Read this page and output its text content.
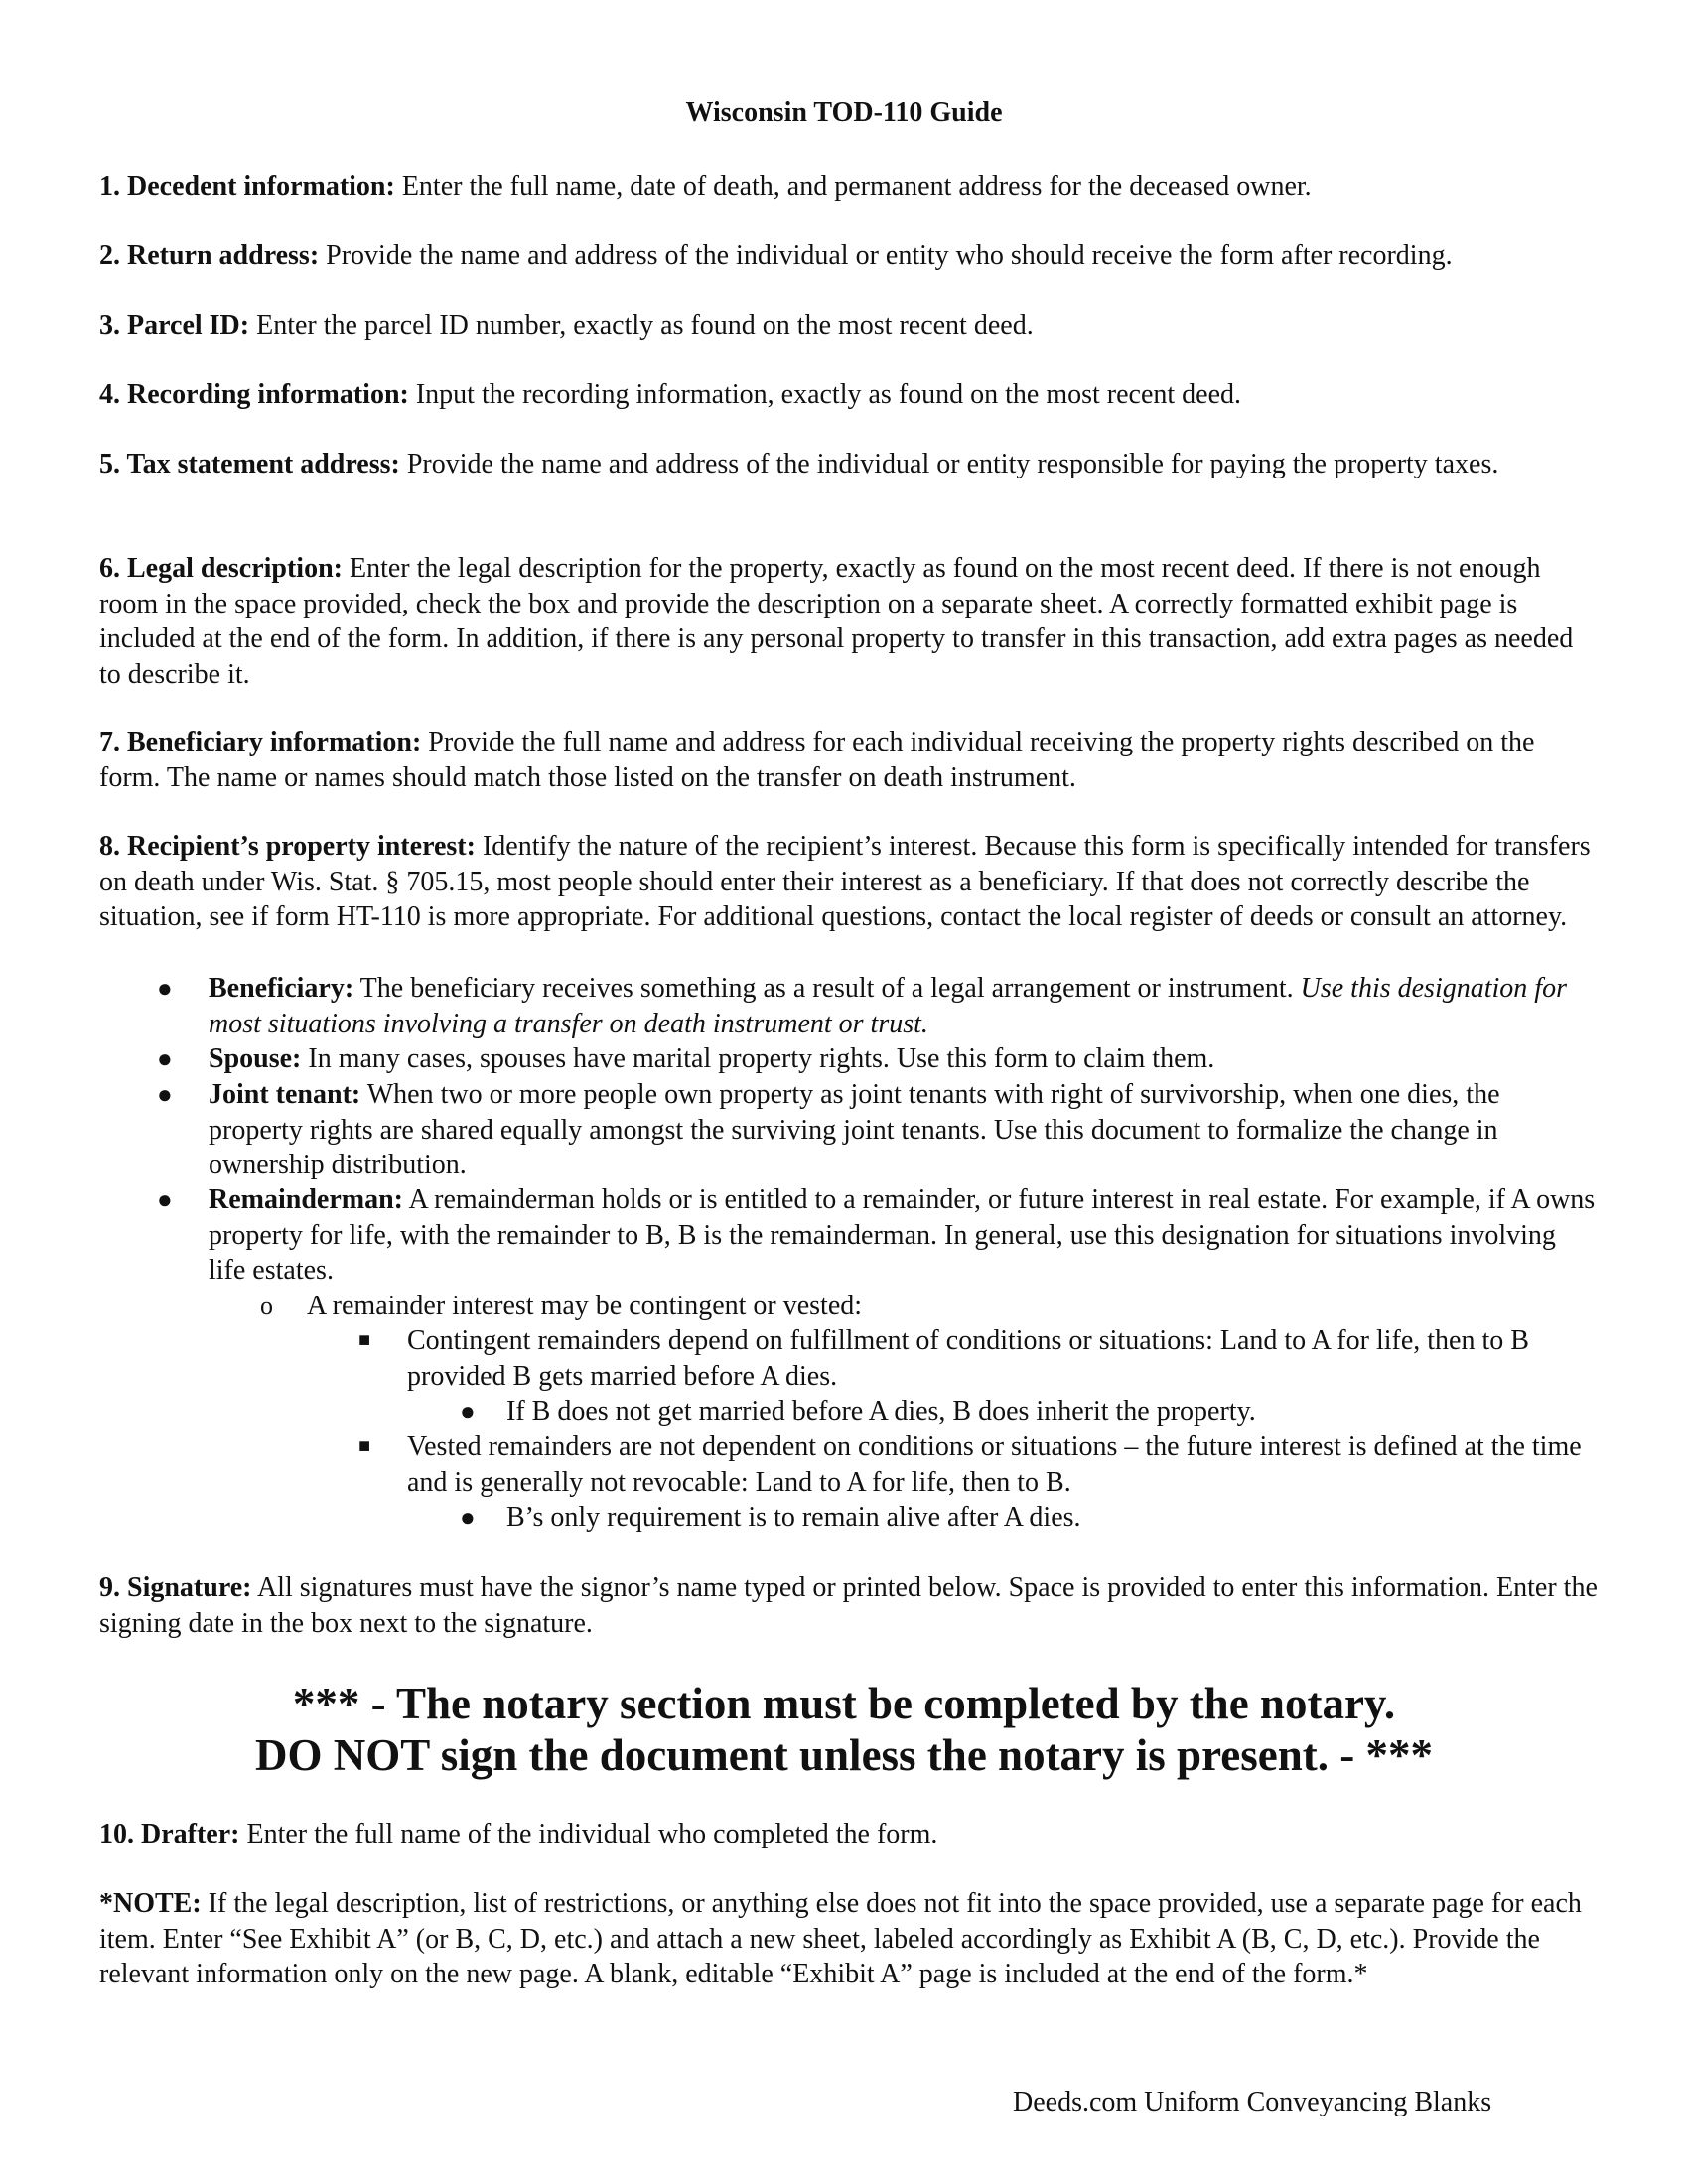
Wisconsin TOD-110 Guide
1. Decedent information: Enter the full name, date of death, and permanent address for the deceased owner.
2. Return address: Provide the name and address of the individual or entity who should receive the form after recording.
3. Parcel ID: Enter the parcel ID number, exactly as found on the most recent deed.
4. Recording information: Input the recording information, exactly as found on the most recent deed.
5. Tax statement address: Provide the name and address of the individual or entity responsible for paying the property taxes.
6. Legal description: Enter the legal description for the property, exactly as found on the most recent deed. If there is not enough room in the space provided, check the box and provide the description on a separate sheet. A correctly formatted exhibit page is included at the end of the form. In addition, if there is any personal property to transfer in this transaction, add extra pages as needed to describe it.
7. Beneficiary information: Provide the full name and address for each individual receiving the property rights described on the form. The name or names should match those listed on the transfer on death instrument.
8. Recipient’s property interest: Identify the nature of the recipient’s interest. Because this form is specifically intended for transfers on death under Wis. Stat. § 705.15, most people should enter their interest as a beneficiary. If that does not correctly describe the situation, see if form HT-110 is more appropriate. For additional questions, contact the local register of deeds or consult an attorney.
● Beneficiary: The beneficiary receives something as a result of a legal arrangement or instrument. Use this designation for most situations involving a transfer on death instrument or trust.
● Spouse: In many cases, spouses have marital property rights. Use this form to claim them.
● Joint tenant: When two or more people own property as joint tenants with right of survivorship, when one dies, the property rights are shared equally amongst the surviving joint tenants. Use this document to formalize the change in ownership distribution.
● Remainderman: A remainderman holds or is entitled to a remainder, or future interest in real estate. For example, if A owns property for life, with the remainder to B, B is the remainderman. In general, use this designation for situations involving life estates.
o A remainder interest may be contingent or vested:
■ Contingent remainders depend on fulfillment of conditions or situations: Land to A for life, then to B provided B gets married before A dies.
● If B does not get married before A dies, B does inherit the property.
■ Vested remainders are not dependent on conditions or situations – the future interest is defined at the time and is generally not revocable: Land to A for life, then to B.
● B’s only requirement is to remain alive after A dies.
9. Signature: All signatures must have the signor’s name typed or printed below. Space is provided to enter this information. Enter the signing date in the box next to the signature.
*** - The notary section must be completed by the notary.
DO NOT sign the document unless the notary is present. - ***
10. Drafter: Enter the full name of the individual who completed the form.
*NOTE: If the legal description, list of restrictions, or anything else does not fit into the space provided, use a separate page for each item. Enter “See Exhibit A” (or B, C, D, etc.) and attach a new sheet, labeled accordingly as Exhibit A (B, C, D, etc.). Provide the relevant information only on the new page. A blank, editable “Exhibit A” page is included at the end of the form.*
Deeds.com Uniform Conveyancing Blanks
